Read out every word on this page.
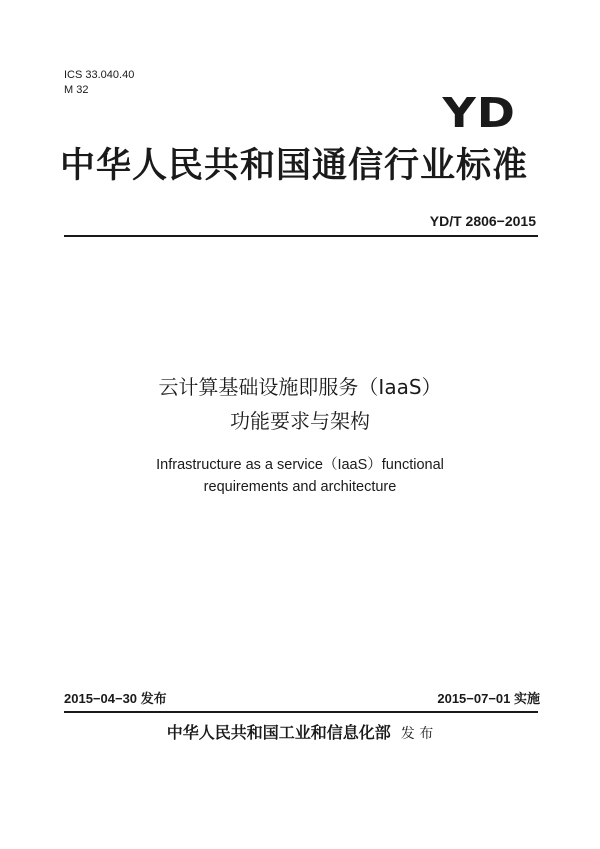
ICS 33.040.40
M 32	YD
中华人民共和国通信行业标准
YD/T 2806−2015
云计算基础设施即服务（IaaS）
功能要求与架构
Infrastructure as a service（IaaS）functional
requirements and architecture
2015−04−30 发布	2015−07−01 实施
中华人民共和国工业和信息化部 发 布
